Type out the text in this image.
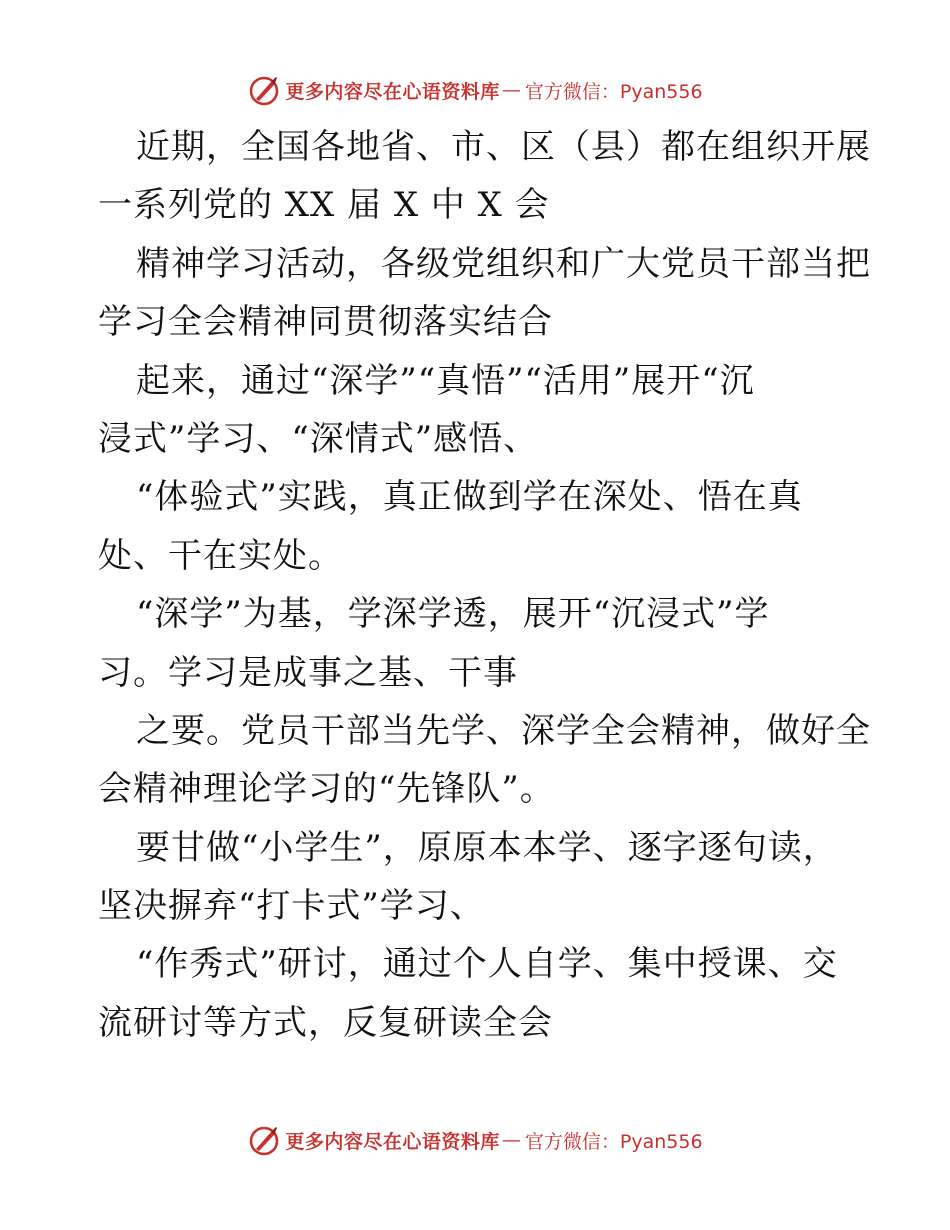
更多内容尽在心语资料库 — 官方微信：Pyan556
近期，全国各地省、市、区（县）都在组织开展
一系列党的 XX 届 X 中 X 会
精神学习活动，各级党组织和广大党员干部当把
学习全会精神同贯彻落实结合
起来，通过“深学”“真悟”“活用”展开“沉
浸式”学习、“深情式”感悟、
“体验式”实践，真正做到学在深处、悟在真
处、干在实处。
“深学”为基，学深学透，展开“沉浸式”学
习。学习是成事之基、干事
之要。党员干部当先学、深学全会精神，做好全
会精神理论学习的“先锋队”。
要甘做“小学生”，原原本本学、逐字逐句读，
坚决摒弃“打卡式”学习、
“作秀式”研讨，通过个人自学、集中授课、交
流研讨等方式，反复研读全会
更多内容尽在心语资料库 — 官方微信：Pyan556
